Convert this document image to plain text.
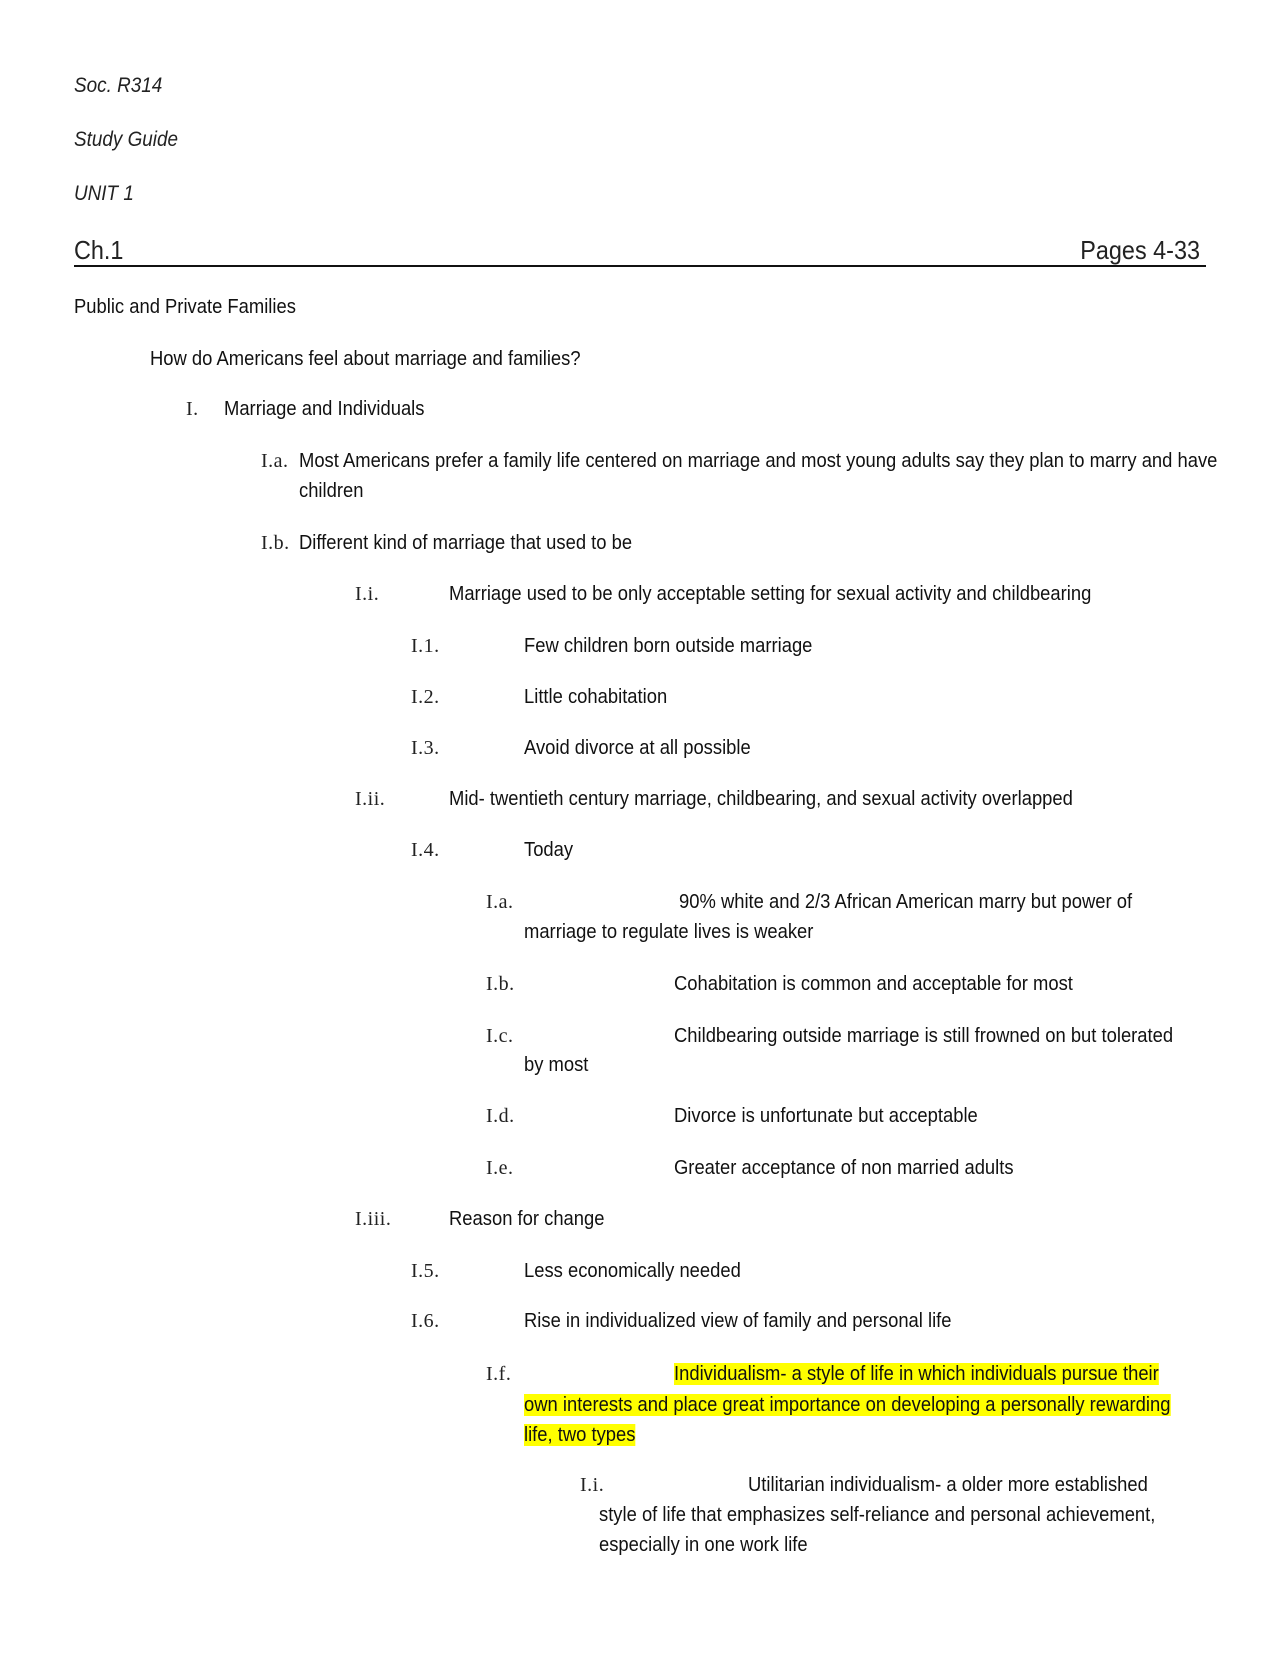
Soc. R314
Study Guide
UNIT 1
Ch.1	Pages 4-33
Public and Private Families
How do Americans feel about marriage and families?
I. Marriage and Individuals
I.a. Most Americans prefer a family life centered on marriage and most young adults say they plan to marry and have children
I.b. Different kind of marriage that used to be
I.i.	Marriage used to be only acceptable setting for sexual activity and childbearing
I.1.	Few children born outside marriage
I.2.	Little cohabitation
I.3.	Avoid divorce at all possible
I.ii.	Mid- twentieth century marriage, childbearing, and sexual activity overlapped
I.4.	Today
I.a.	90% white and 2/3 African American marry but power of
marriage to regulate lives is weaker
I.b.	Cohabitation is common and acceptable for most
I.c.	Childbearing outside marriage is still frowned on but tolerated
by most
I.d.	Divorce is unfortunate but acceptable
I.e.	Greater acceptance of non married adults
I.iii.	Reason for change
I.5.	Less economically needed
I.6.	Rise in individualized view of family and personal life
I.f.	Individualism- a style of life in which individuals pursue their
own interests and place great importance on developing a personally rewarding
life, two types
I.i.	Utilitarian individualism- a older more established
style of life that emphasizes self-reliance and personal achievement,
especially in one work life
